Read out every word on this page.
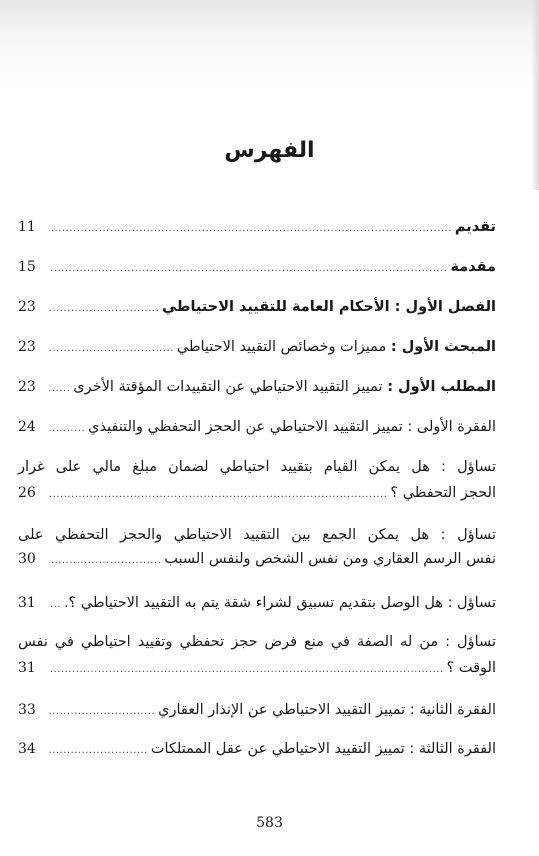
الفهرس
تقديم
.....
11
مقدمة
.....
15
الفصل الأول : الأحكام العامة للتقييد الاحتياطي
.....
23
المبحث الأول : مميزات وخصائص التقييد الاحتياطي
.....
23
المطلب الأول : تمييز التقييد الاحتياطي عن التقييدات المؤقتة الأخرى
.....
23
الفقرة الأولى : تمييز التقييد الاحتياطي عن الحجز التحفظي والتنفيذي
.....
24
تساؤل : هل يمكن القيام بتقييد احتياطي لضمان مبلغ مالي على غرار
الحجز التحفظي ؟
.....
26
تساؤل : هل يمكن الجمع بين التقييد الاحتياطي والحجز التحفظي على
نفس الرسم العقاري ومن نفس الشخص ولنفس السبب
.....
30
تساؤل : هل الوصل بتقديم تسبيق لشراء شقة يتم به التقييد الاحتياطي ؟.
.....
31
تساؤل : من له الصفة في منع فرض حجز تحفظي وتقييد احتياطي في نفس
الوقت ؟
.....
31
الفقرة الثانية : تمييز التقييد الاحتياطي عن الإنذار العقاري
.....
33
الفقرة الثالثة : تمييز التقييد الاحتياطي عن عقل الممتلكات
.....
34
583
